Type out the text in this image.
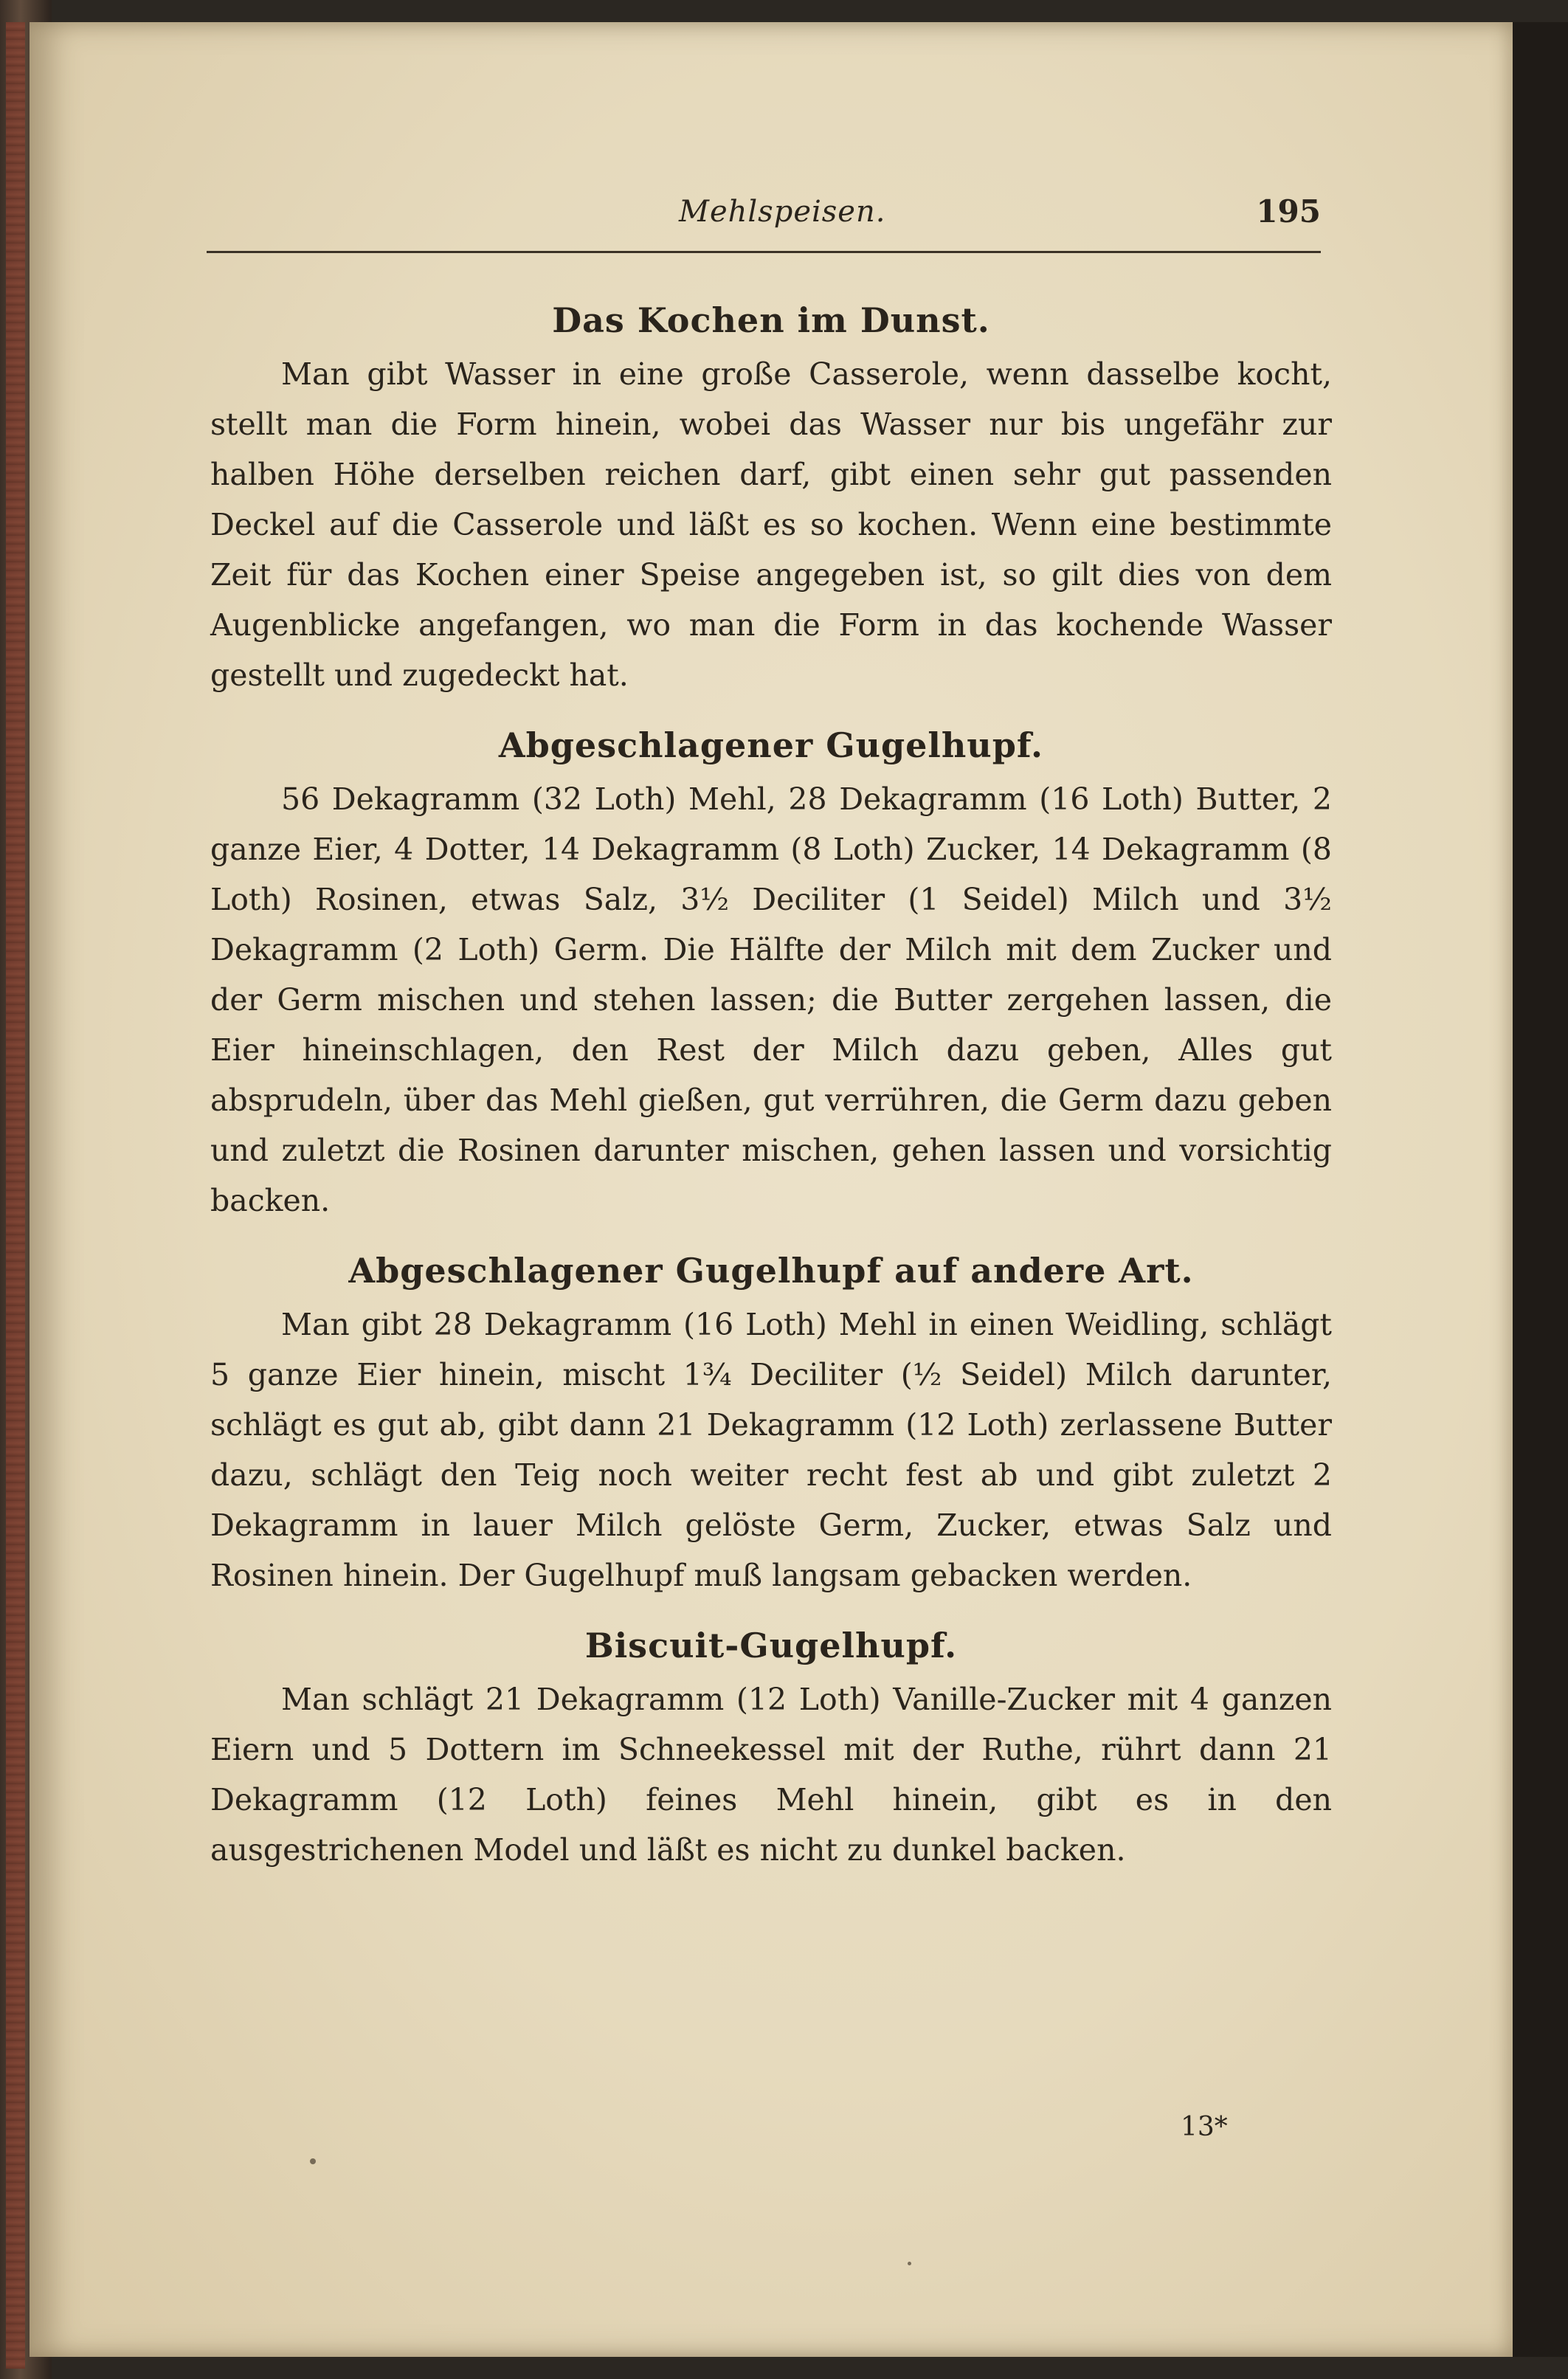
Mehlspeisen.	195
Das Kochen im Dunst.

Man gibt Wasser in eine große Casserole, wenn dasselbe kocht, stellt man die Form hinein, wobei das Wasser nur bis ungefähr zur halben Höhe derselben reichen darf, gibt einen sehr gut passenden Deckel auf die Casserole und läßt es so kochen. Wenn eine bestimmte Zeit für das Kochen einer Speise angegeben ist, so gilt dies von dem Augenblicke angefangen, wo man die Form in das kochende Wasser gestellt und zugedeckt hat.

Abgeschlagener Gugelhupf.

56 Dekagramm (32 Loth) Mehl, 28 Dekagramm (16 Loth) Butter, 2 ganze Eier, 4 Dotter, 14 Dekagramm (8 Loth) Zucker, 14 Dekagramm (8 Loth) Rosinen, etwas Salz, 3½ Deciliter (1 Seidel) Milch und 3½ Dekagramm (2 Loth) Germ. Die Hälfte der Milch mit dem Zucker und der Germ mischen und stehen lassen; die Butter zergehen lassen, die Eier hineinschlagen, den Rest der Milch dazu geben, Alles gut absprudeln, über das Mehl gießen, gut verrühren, die Germ dazu geben und zuletzt die Rosinen darunter mischen, gehen lassen und vorsichtig backen.

Abgeschlagener Gugelhupf auf andere Art.

Man gibt 28 Dekagramm (16 Loth) Mehl in einen Weidling, schlägt 5 ganze Eier hinein, mischt 1¾ Deciliter (½ Seidel) Milch darunter, schlägt es gut ab, gibt dann 21 Dekagramm (12 Loth) zerlassene Butter dazu, schlägt den Teig noch weiter recht fest ab und gibt zuletzt 2 Dekagramm in lauer Milch gelöste Germ, Zucker, etwas Salz und Rosinen hinein. Der Gugelhupf muß langsam gebacken werden.

Biscuit-Gugelhupf.

Man schlägt 21 Dekagramm (12 Loth) Vanille-Zucker mit 4 ganzen Eiern und 5 Dottern im Schneekessel mit der Ruthe, rührt dann 21 Dekagramm (12 Loth) feines Mehl hinein, gibt es in den ausgestrichenen Model und läßt es nicht zu dunkel backen.

13*
